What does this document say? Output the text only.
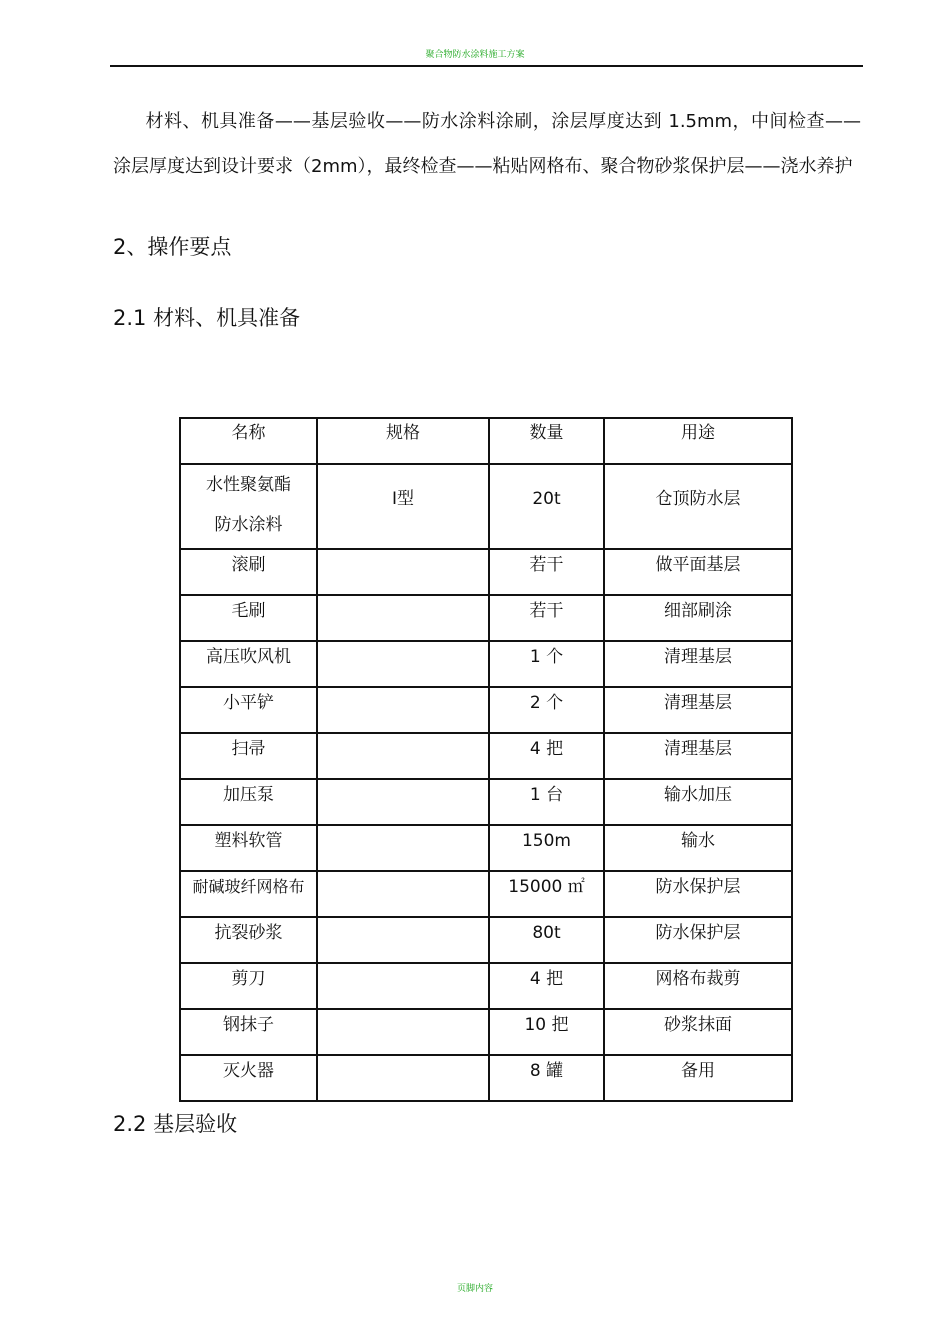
聚合物防水涂料施工方案

材料、机具准备——基层验收——防水涂料涂刷，涂层厚度达到 1.5mm，中间检查——涂层厚度达到设计要求（2mm），最终检查——粘贴网格布、聚合物砂浆保护层——浇水养护

2、操作要点
2.1 材料、机具准备
名称	规格	数量	用途

水性聚氨酯
防水涂料	Ⅰ型	20t	仓顶防水层
滚刷		若干	做平面基层
毛刷		若干	细部刷涂
高压吹风机		1 个	清理基层
小平铲		2 个	清理基层
扫帚		4 把	清理基层
加压泵		1 台	输水加压
塑料软管		150m	输水
耐碱玻纤网格布		15000 ㎡	防水保护层
抗裂砂浆		80t	防水保护层
剪刀		4 把	网格布裁剪
钢抹子		10 把	砂浆抹面
灭火器		8 罐	备用
2.2 基层验收
页脚内容
